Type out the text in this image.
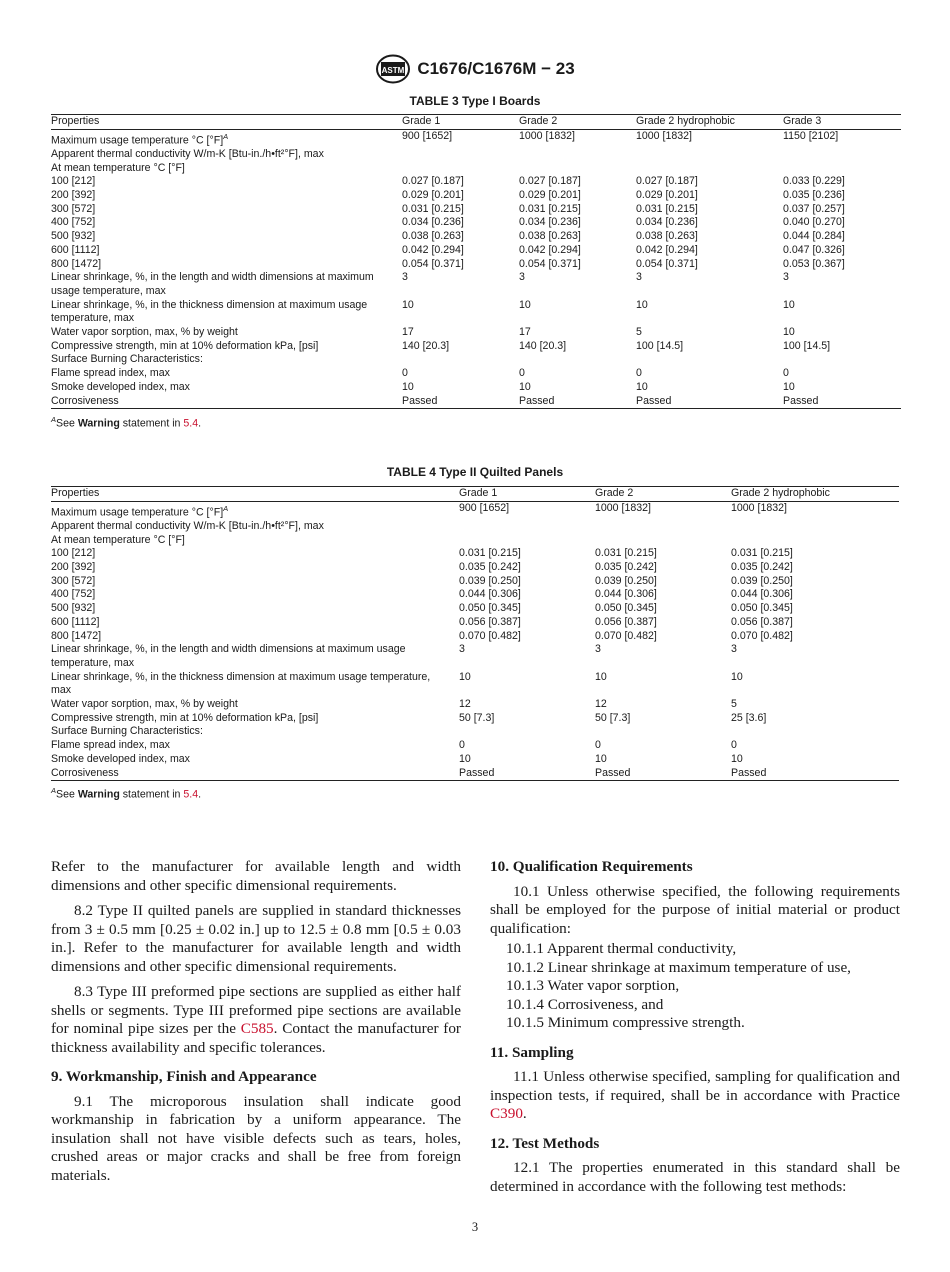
ASTM C1676/C1676M − 23
TABLE 3 Type I Boards
Properties	Grade 1	Grade 2	Grade 2 hydrophobic	Grade 3
Maximum usage temperature °C $[^\circ F]^A$	900 [1652]	1000 [1832]	1000 [1832]	1150 [2102]
Apparent thermal conductivity W/m-K [Btu-in./h•ft²°F], max				
At mean temperature °C [°F]				
100 [212]	0.027 [0.187]	0.027 [0.187]	0.027 [0.187]	0.033 [0.229]
200 [392]	0.029 [0.201]	0.029 [0.201]	0.029 [0.201]	0.035 [0.236]
300 [572]	0.031 [0.215]	0.031 [0.215]	0.031 [0.215]	0.037 [0.257]
400 [752]	0.034 [0.236]	0.034 [0.236]	0.034 [0.236]	0.040 [0.270]
500 [932]	0.038 [0.263]	0.038 [0.263]	0.038 [0.263]	0.044 [0.284]
600 [1112]	0.042 [0.294]	0.042 [0.294]	0.042 [0.294]	0.047 [0.326]
800 [1472]	0.054 [0.371]	0.054 [0.371]	0.054 [0.371]	0.053 [0.367]
Linear shrinkage, %, in the length and width dimensions at maximum usage temperature, max	3	3	3	3
Linear shrinkage, %, in the thickness dimension at maximum usage temperature, max	10	10	10	10
Water vapor sorption, max, % by weight	17	17	5	10
Compressive strength, min at 10% deformation kPa, [psi]	140 [20.3]	140 [20.3]	100 [14.5]	100 [14.5]
Surface Burning Characteristics:				
Flame spread index, max	0	0	0	0
Smoke developed index, max	10	10	10	10
Corrosiveness	Passed	Passed	Passed	Passed
$^A$See Warning statement in 5.4.
TABLE 4 Type II Quilted Panels
Properties	Grade 1	Grade 2	Grade 2 hydrophobic
Maximum usage temperature °C $[^\circ F]^A$	900 [1652]	1000 [1832]	1000 [1832]
Apparent thermal conductivity W/m-K [Btu-in./h•ft²°F], max			
At mean temperature °C [°F]			
100 [212]	0.031 [0.215]	0.031 [0.215]	0.031 [0.215]
200 [392]	0.035 [0.242]	0.035 [0.242]	0.035 [0.242]
300 [572]	0.039 [0.250]	0.039 [0.250]	0.039 [0.250]
400 [752]	0.044 [0.306]	0.044 [0.306]	0.044 [0.306]
500 [932]	0.050 [0.345]	0.050 [0.345]	0.050 [0.345]
600 [1112]	0.056 [0.387]	0.056 [0.387]	0.056 [0.387]
800 [1472]	0.070 [0.482]	0.070 [0.482]	0.070 [0.482]
Linear shrinkage, %, in the length and width dimensions at maximum usage temperature, max	3	3	3
Linear shrinkage, %, in the thickness dimension at maximum usage temperature, max	10	10	10
Water vapor sorption, max, % by weight	12	12	5
Compressive strength, min at 10% deformation kPa, [psi]	50 [7.3]	50 [7.3]	25 [3.6]
Surface Burning Characteristics:			
Flame spread index, max	0	0	0
Smoke developed index, max	10	10	10
Corrosiveness	Passed	Passed	Passed
$^A$See Warning statement in 5.4.

Refer to the manufacturer for available length and width dimensions and other specific dimensional requirements.

8.2 Type II quilted panels are supplied in standard thicknesses from 3 ± 0.5 mm [0.25 ± 0.02 in.] up to 12.5 ± 0.8 mm [0.5 ± 0.03 in.]. Refer to the manufacturer for available length and width dimensions and other specific dimensional requirements.

8.3 Type III preformed pipe sections are supplied as either half shells or segments. Type III preformed pipe sections are available for nominal pipe sizes per the C585. Contact the manufacturer for thickness availability and specific tolerances.

9. Workmanship, Finish and Appearance

9.1 The microporous insulation shall indicate good workmanship in fabrication by a uniform appearance. The insulation shall not have visible defects such as tears, holes, crushed areas or major cracks and shall be free from foreign materials.

10. Qualification Requirements

10.1 Unless otherwise specified, the following requirements shall be employed for the purpose of initial material or product qualification:

10.1.1 Apparent thermal conductivity,
10.1.2 Linear shrinkage at maximum temperature of use,
10.1.3 Water vapor sorption,
10.1.4 Corrosiveness, and
10.1.5 Minimum compressive strength.
11. Sampling

11.1 Unless otherwise specified, sampling for qualification and inspection tests, if required, shall be in accordance with Practice C390.

12. Test Methods

12.1 The properties enumerated in this standard shall be determined in accordance with the following test methods:

3
